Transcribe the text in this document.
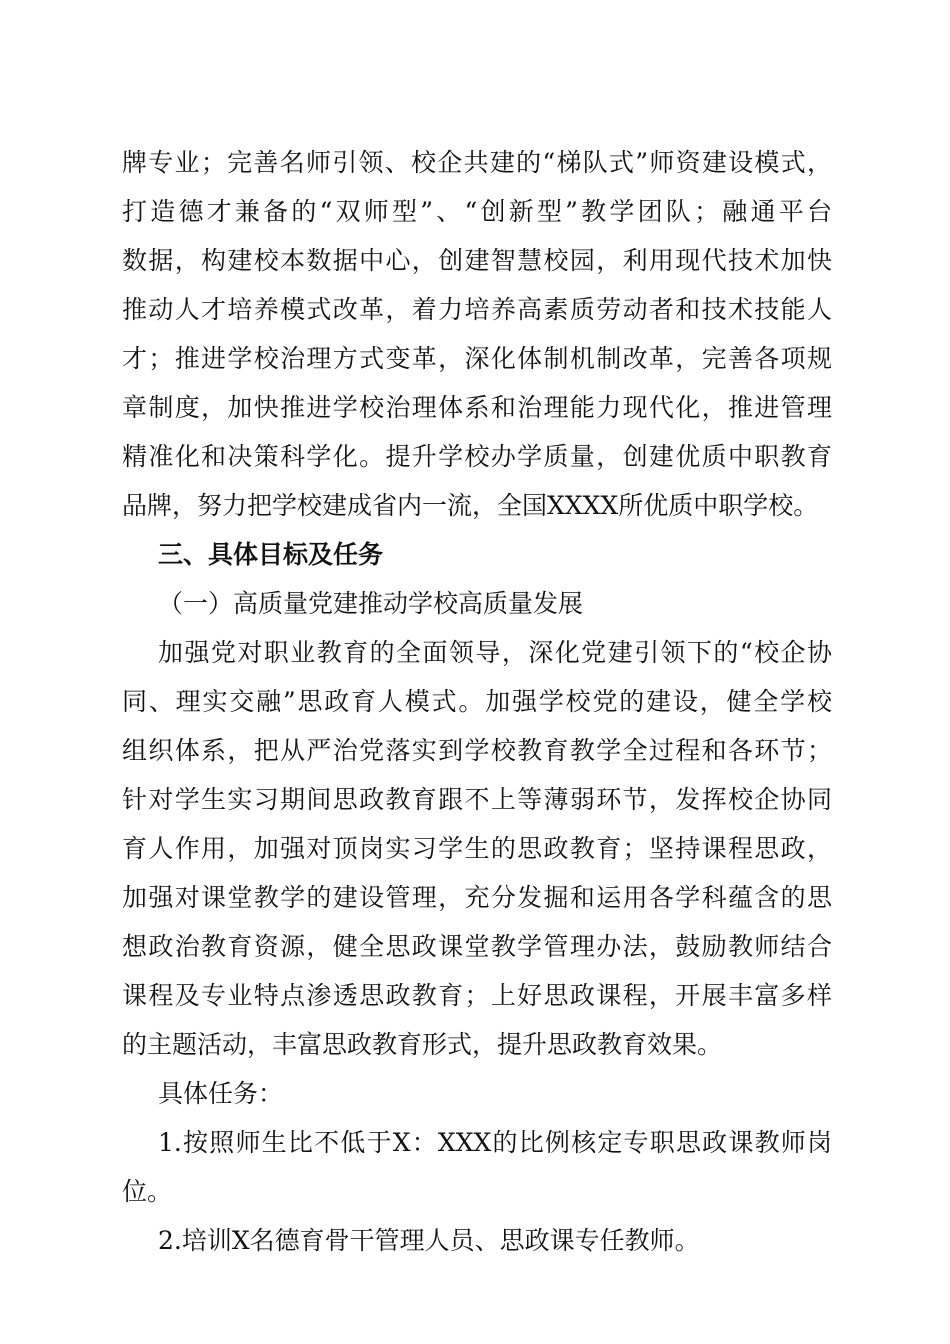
牌专业；完善名师引领、校企共建的“梯队式”师资建设模式，
打造德才兼备的“双师型”、“创新型”教学团队；融通平台
数据，构建校本数据中心，创建智慧校园，利用现代技术加快
推动人才培养模式改革，着力培养高素质劳动者和技术技能人
才；推进学校治理方式变革，深化体制机制改革，完善各项规
章制度，加快推进学校治理体系和治理能力现代化，推进管理
精准化和决策科学化。提升学校办学质量，创建优质中职教育
品牌，努力把学校建成省内一流，全国XXXX所优质中职学校。
三、具体目标及任务
（一）高质量党建推动学校高质量发展
加强党对职业教育的全面领导，深化党建引领下的“校企协
同、理实交融”思政育人模式。加强学校党的建设，健全学校
组织体系，把从严治党落实到学校教育教学全过程和各环节；
针对学生实习期间思政教育跟不上等薄弱环节，发挥校企协同
育人作用，加强对顶岗实习学生的思政教育；坚持课程思政，
加强对课堂教学的建设管理，充分发掘和运用各学科蕴含的思
想政治教育资源，健全思政课堂教学管理办法，鼓励教师结合
课程及专业特点渗透思政教育；上好思政课程，开展丰富多样
的主题活动，丰富思政教育形式，提升思政教育效果。
具体任务：
1.按照师生比不低于X：XXX的比例核定专职思政课教师岗
位。
2.培训X名德育骨干管理人员、思政课专任教师。
